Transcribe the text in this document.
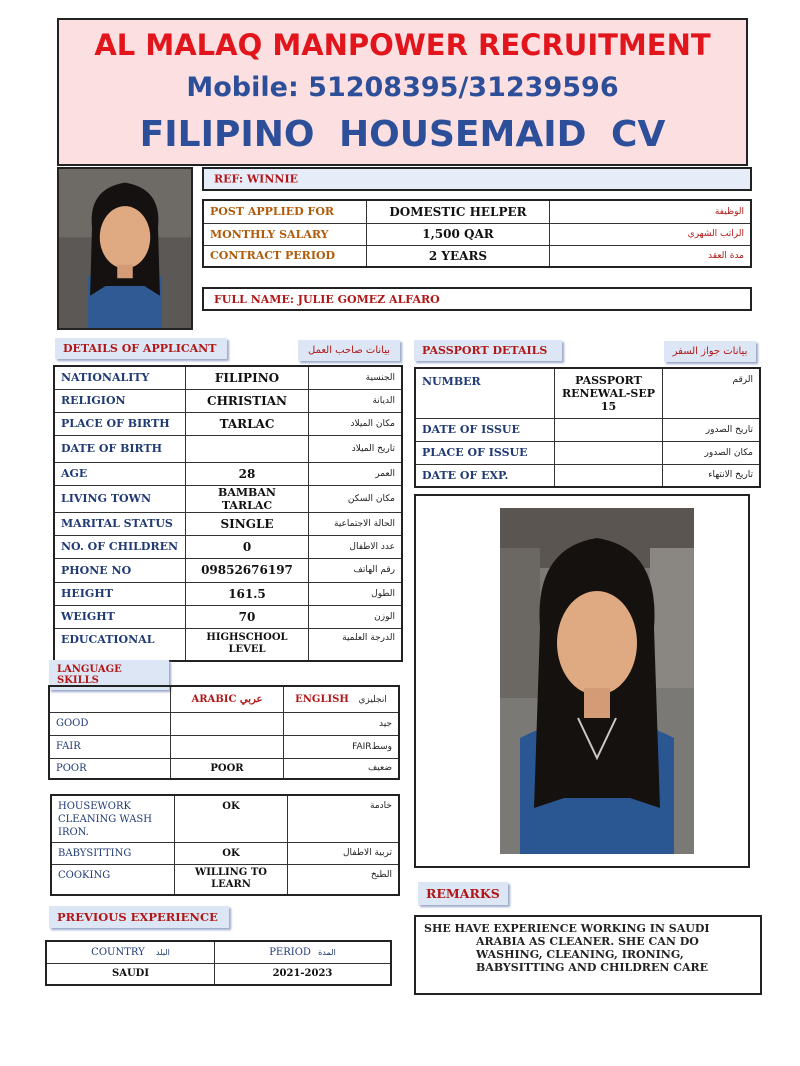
AL MALAQ MANPOWER RECRUITMENT
Mobile: 51208395/31239596
FILIPINO HOUSEMAID CV
REF: WINNIE
POST APPLIED FOR	DOMESTIC HELPER	الوظيفة
MONTHLY SALARY	1,500 QAR	الراتب الشهري
CONTRACT PERIOD	2 YEARS	مدة العقد
FULL NAME: JULIE GOMEZ ALFARO
DETAILS OF APPLICANT	بيانات صاحب العمل
NATIONALITY	FILIPINO	الجنسية
RELIGION	CHRISTIAN	الديانة
PLACE OF BIRTH	TARLAC	مكان الميلاد
DATE OF BIRTH		تاريخ الميلاد
AGE	28	العمر
LIVING TOWN	BAMBAN TARLAC	مكان السكن
MARITAL STATUS	SINGLE	الحالة الاجتماعية
NO. OF CHILDREN	0	عدد الاطفال
PHONE NO	09852676197	رقم الهاتف
HEIGHT	161.5	الطول
WEIGHT	70	الوزن
EDUCATIONAL	HIGHSCHOOL LEVEL	الدرجة العلمية
PASSPORT DETAILS	بيانات جواز السفر
NUMBER	PASSPORT RENEWAL-SEP 15	الرقم
DATE OF ISSUE		تاريخ الصدور
PLACE OF ISSUE		مكان الصدور
DATE OF EXP.		تاريخ الانتهاء
LANGUAGE SKILLS
	ARABIC عربي	ENGLISH انجليزي
GOOD		جيد
FAIR		FAIRوسط
POOR	POOR	ضعيف
HOUSEWORK CLEANING WASH IRON.	OK	خادمة
BABYSITTING	OK	تربية الاطفال
COOKING	WILLING TO LEARN	الطبخ
PREVIOUS EXPERIENCE
COUNTRY البلد	PERIOD المدة
SAUDI	2021-2023
REMARKS
SHE HAVE EXPERIENCE WORKING IN SAUDI ARABIA AS CLEANER. SHE CAN DO WASHING, CLEANING, IRONING, BABYSITTING AND CHILDREN CARE
